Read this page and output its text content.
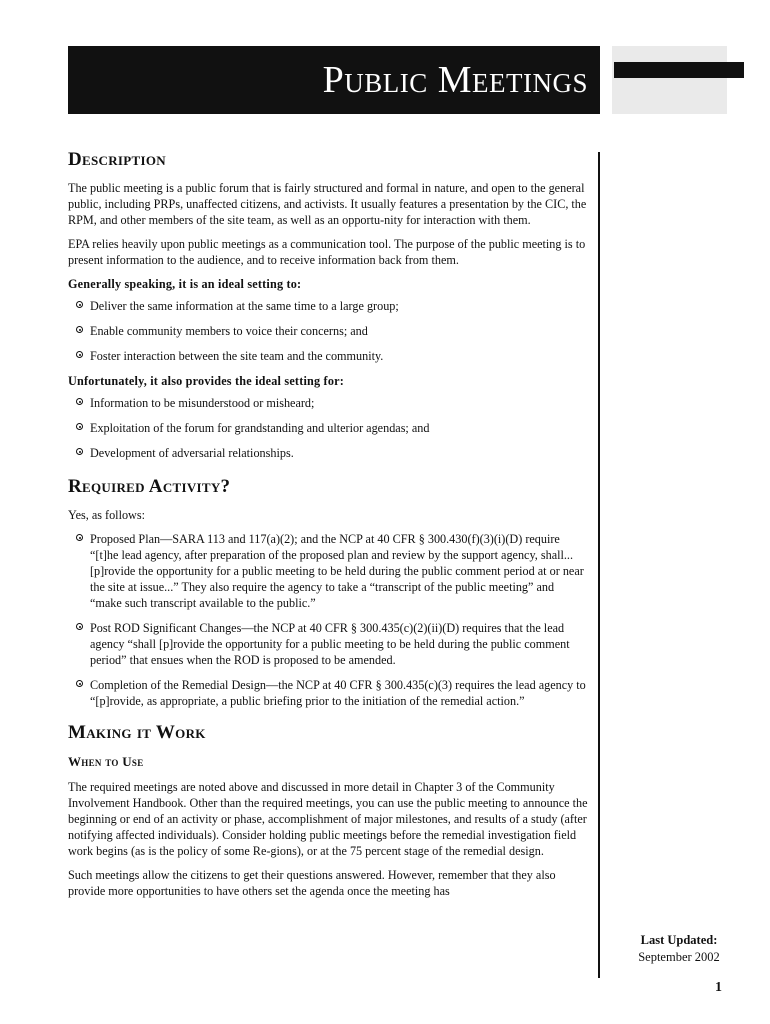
Public Meetings
Description

The public meeting is a public forum that is fairly structured and formal in nature, and open to the general public, including PRPs, unaffected citizens, and activists. It usually features a presentation by the CIC, the RPM, and other members of the site team, as well as an opportu-nity for interaction with them.

EPA relies heavily upon public meetings as a communication tool. The purpose of the public meeting is to present information to the audience, and to receive information back from them.

Generally speaking, it is an ideal setting to:

Deliver the same information at the same time to a large group;
Enable community members to voice their concerns; and
Foster interaction between the site team and the community.

Unfortunately, it also provides the ideal setting for:

Information to be misunderstood or misheard;
Exploitation of the forum for grandstanding and ulterior agendas; and
Development of adversarial relationships.
Required Activity?

Yes, as follows:

Proposed Plan—SARA 113 and 117(a)(2); and the NCP at 40 CFR § 300.430(f)(3)(i)(D) require “[t]he lead agency, after preparation of the proposed plan and review by the support agency, shall...[p]rovide the opportunity for a public meeting to be held during the public comment period at or near the site at issue...” They also require the agency to take a “transcript of the public meeting” and “make such transcript available to the public.”
Post ROD Significant Changes—the NCP at 40 CFR § 300.435(c)(2)(ii)(D) requires that the lead agency “shall [p]rovide the opportunity for a public meeting to be held during the public comment period” that ensues when the ROD is proposed to be amended.
Completion of the Remedial Design—the NCP at 40 CFR § 300.435(c)(3) requires the lead agency to “[p]rovide, as appropriate, a public briefing prior to the initiation of the remedial action.”
Making it Work
When to Use

The required meetings are noted above and discussed in more detail in Chapter 3 of the Community Involvement Handbook. Other than the required meetings, you can use the public meeting to announce the beginning or end of an activity or phase, accomplishment of major milestones, and results of a study (after notifying affected individuals). Consider holding public meetings before the remedial investigation field work begins (as is the policy of some Re-gions), or at the 75 percent stage of the remedial design.

Such meetings allow the citizens to get their questions answered. However, remember that they also provide more opportunities to have others set the agenda once the meeting has

Last Updated:
September 2002
1
